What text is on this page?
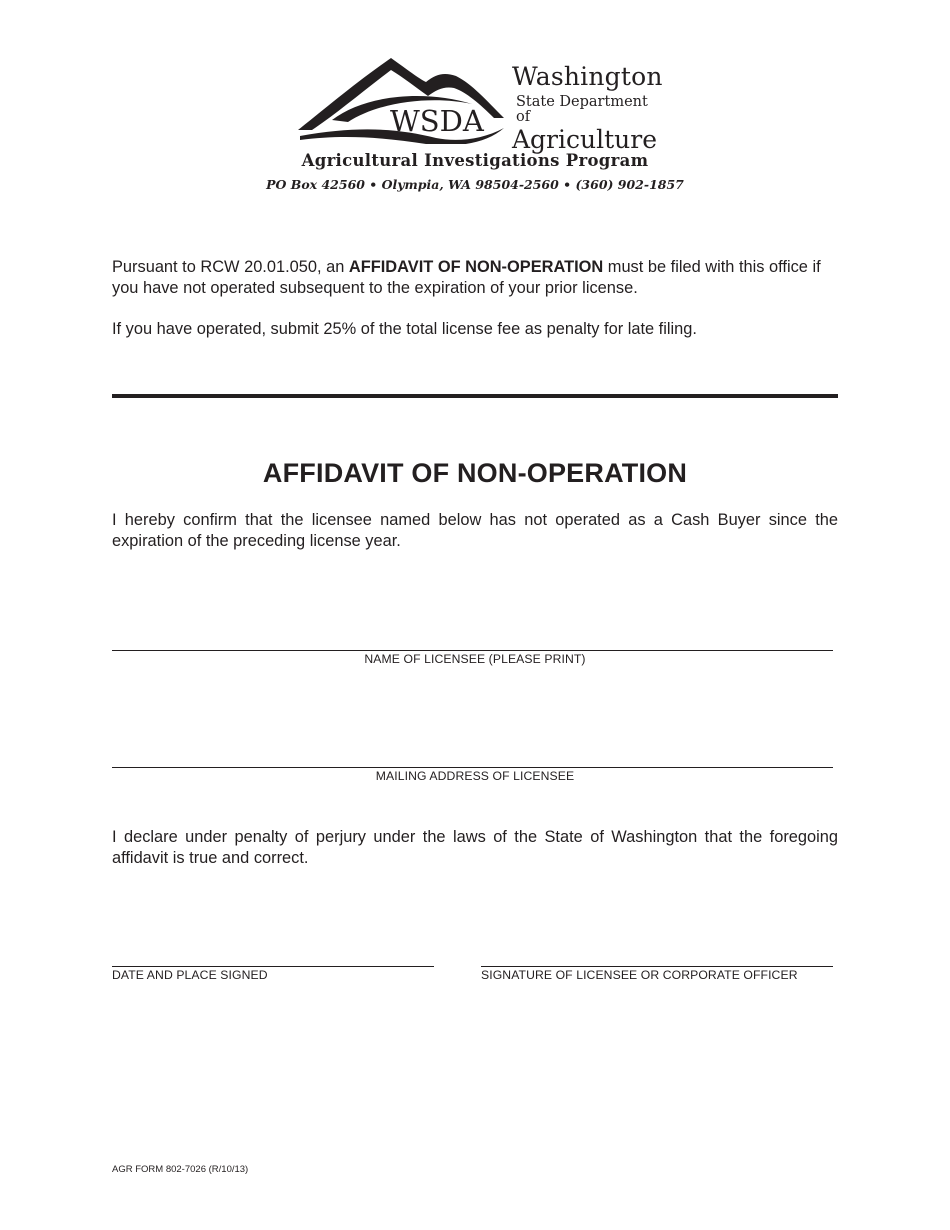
WSDA
Washington
State Department of
Agriculture
Agricultural Investigations Program
PO Box 42560 • Olympia, WA 98504-2560 • (360) 902-1857

Pursuant to RCW 20.01.050, an AFFIDAVIT OF NON-OPERATION must be filed with this office if you have not operated subsequent to the expiration of your prior license.

If you have operated, submit 25% of the total license fee as penalty for late filing.

AFFIDAVIT OF NON-OPERATION

I hereby confirm that the licensee named below has not operated as a Cash Buyer since the expiration of the preceding license year.

NAME OF LICENSEE (PLEASE PRINT)
MAILING ADDRESS OF LICENSEE

I declare under penalty of perjury under the laws of the State of Washington that the foregoing affidavit is true and correct.

DATE AND PLACE SIGNED	SIGNATURE OF LICENSEE OR CORPORATE OFFICER
AGR FORM 802-7026 (R/10/13)
